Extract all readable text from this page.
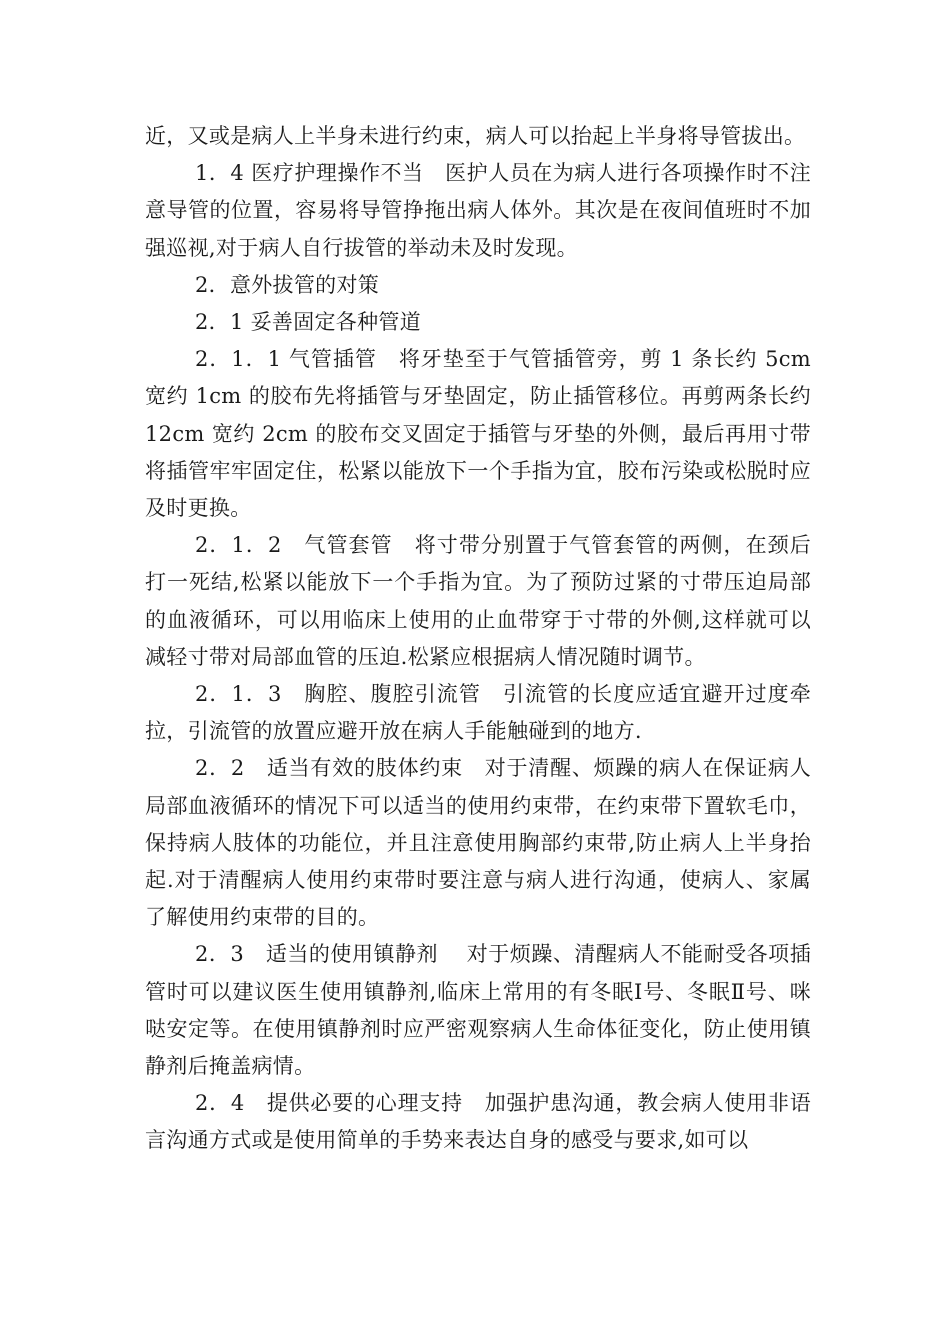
近，又或是病人上半身未进行约束，病人可以抬起上半身将导管拔出。

1．4 医疗护理操作不当　医护人员在为病人进行各项操作时不注意导管的位置，容易将导管挣拖出病人体外。其次是在夜间值班时不加强巡视,对于病人自行拔管的举动未及时发现。

2．意外拔管的对策

2．1 妥善固定各种管道

2．1．1 气管插管　将牙垫至于气管插管旁，剪 1 条长约 5cm 宽约 1cm 的胶布先将插管与牙垫固定，防止插管移位。再剪两条长约 12cm 宽约 2cm 的胶布交叉固定于插管与牙垫的外侧，最后再用寸带将插管牢牢固定住，松紧以能放下一个手指为宜，胶布污染或松脱时应及时更换。

2．1．2　气管套管　将寸带分别置于气管套管的两侧，在颈后打一死结,松紧以能放下一个手指为宜。为了预防过紧的寸带压迫局部的血液循环，可以用临床上使用的止血带穿于寸带的外侧,这样就可以减轻寸带对局部血管的压迫.松紧应根据病人情况随时调节。

2．1．3　胸腔、腹腔引流管　引流管的长度应适宜避开过度牵拉，引流管的放置应避开放在病人手能触碰到的地方.

2．2　适当有效的肢体约束　对于清醒、烦躁的病人在保证病人局部血液循环的情况下可以适当的使用约束带，在约束带下置软毛巾，保持病人肢体的功能位，并且注意使用胸部约束带,防止病人上半身抬起.对于清醒病人使用约束带时要注意与病人进行沟通，使病人、家属了解使用约束带的目的。

2．3　适当的使用镇静剂　 对于烦躁、清醒病人不能耐受各项插管时可以建议医生使用镇静剂,临床上常用的有冬眠Ⅰ号、冬眠Ⅱ号、咪哒安定等。在使用镇静剂时应严密观察病人生命体征变化，防止使用镇静剂后掩盖病情。

2．4　提供必要的心理支持　加强护患沟通，教会病人使用非语言沟通方式或是使用简单的手势来表达自身的感受与要求,如可以
